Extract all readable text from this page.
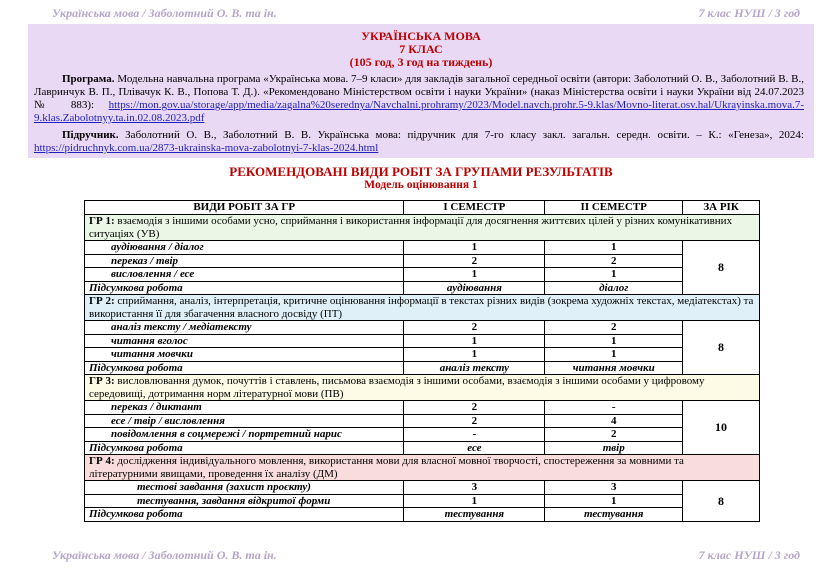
Українська мова / Заболотний О. В. та ін.	7 клас НУШ / 3 год
УКРАЇНСЬКА МОВА
7 КЛАС
(105 год, 3 год на тиждень)
Програма. Модельна навчальна програма «Українська мова. 7–9 класи» для закладів загальної середньої освіти (автори: Заболотний О. В., Заболотний В. В., Лавринчук В. П., Плівачук К. В., Попова Т. Д.). «Рекомендовано Міністерством освіти і науки України» (наказ Міністерства освіти і науки України від 24.07.2023 № 883): https://mon.gov.ua/storage/app/media/zagalna%20serednya/Navchalni.prohramy/2023/Model.navch.prohr.5-9.klas/Movno-literat.osv.hal/Ukrayinska.mova.7-9.klas.Zabolotnyy.ta.in.02.08.2023.pdf
Підручник. Заболотний О. В., Заболотний В. В. Українська мова: підручник для 7-го класу закл. загальн. середн. освіти. – К.: «Генеза», 2024: https://pidruchnyk.com.ua/2873-ukrainska-mova-zabolotnyi-7-klas-2024.html
РЕКОМЕНДОВАНІ ВИДИ РОБІТ ЗА ГРУПАМИ РЕЗУЛЬТАТІВ
Модель оцінювання 1
ВИДИ РОБІТ ЗА ГР	І СЕМЕСТР	ІІ СЕМЕСТР	ЗА РІК
ГР 1: взаємодія з іншими особами усно, сприймання і використання інформації для досягнення життєвих цілей у різних комунікативних ситуаціях (УВ)			
аудіювання / діалог	1	1	8
переказ / твір	2	2	
висловлення / есе	1	1	
Підсумкова робота	аудіювання	діалог	
ГР 2: сприймання, аналіз, інтерпретація, критичне оцінювання інформації в текстах різних видів (зокрема художніх текстах, медіатекстах) та використання її для збагачення власного досвіду (ПТ)			
аналіз тексту / медіатексту	2	2	8
читання вголос	1	1	
читання мовчки	1	1	
Підсумкова робота	аналіз тексту	читання мовчки	
ГР 3: висловлювання думок, почуттів і ставлень, письмова взаємодія з іншими особами, взаємодія з іншими особами у цифровому середовищі, дотримання норм літературної мови (ПВ)			
переказ / диктант	2	-	10
есе / твір / висловлення	2	4	
повідомлення в соцмережі / портретний нарис	-	2	
Підсумкова робота	есе	твір	
ГР 4: дослідження індивідуального мовлення, використання мови для власної мовної творчості, спостереження за мовними та літературними явищами, проведення їх аналізу (ДМ)			
тестові завдання (захист проєкту)	3	3	8
тестування, завдання відкритої форми	1	1	
Підсумкова робота	тестування	тестування	
Українська мова / Заболотний О. В. та ін.	7 клас НУШ / 3 год
